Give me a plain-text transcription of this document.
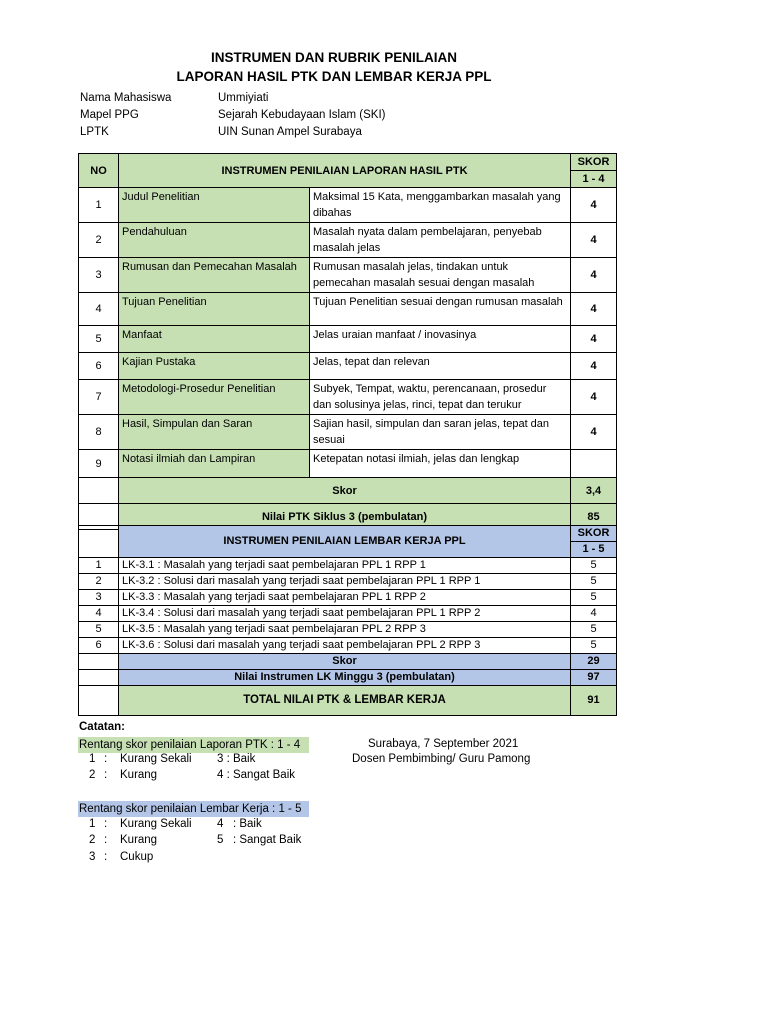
INSTRUMEN DAN RUBRIK PENILAIAN
LAPORAN HASIL PTK DAN LEMBAR KERJA PPL
Nama Mahasiswa	Ummiyiati
Mapel PPG	Sejarah Kebudayaan Islam (SKI)
LPTK	UIN Sunan Ampel Surabaya
NO	INSTRUMEN PENILAIAN LAPORAN HASIL PTK		SKOR
			1 - 4
1	Judul Penelitian	Maksimal 15 Kata, menggambarkan masalah yang dibahas	4
2	Pendahuluan	Masalah nyata dalam pembelajaran, penyebab masalah jelas	4
3	Rumusan dan Pemecahan Masalah	Rumusan masalah jelas, tindakan untuk pemecahan masalah sesuai dengan masalah	4
4	Tujuan Penelitian	Tujuan Penelitian sesuai dengan rumusan masalah	4
5	Manfaat	Jelas uraian manfaat / inovasinya	4
6	Kajian Pustaka	Jelas, tepat dan relevan	4
7	Metodologi-Prosedur Penelitian	Subyek, Tempat, waktu, perencanaan, prosedur dan solusinya jelas, rinci, tepat dan terukur	4
8	Hasil, Simpulan dan Saran	Sajian hasil, simpulan dan saran jelas, tepat dan sesuai	4
9	Notasi ilmiah dan Lampiran	Ketepatan notasi ilmiah, jelas dan lengkap	
	Skor		3,4
	Nilai PTK Siklus 3 (pembulatan)		85
	INSTRUMEN PENILAIAN LEMBAR KERJA PPL	SKOR
		1 - 5
1	LK-3.1 : Masalah yang terjadi saat pembelajaran PPL 1 RPP 1	5
2	LK-3.2 : Solusi dari masalah yang terjadi saat pembelajaran PPL 1 RPP 1	5
3	LK-3.3 : Masalah yang terjadi saat pembelajaran PPL 1 RPP 2	5
4	LK-3.4 : Solusi dari masalah yang terjadi saat pembelajaran PPL 1 RPP 2	4
5	LK-3.5 : Masalah yang terjadi saat pembelajaran PPL 2 RPP 3	5
6	LK-3.6 : Solusi dari masalah yang terjadi saat pembelajaran PPL 2 RPP 3	5
	Skor	29
	Nilai Instrumen LK Minggu 3 (pembulatan)	97
	TOTAL NILAI PTK & LEMBAR KERJA	91
Catatan:
Rentang skor penilaian Laporan PTK : 1 - 4
1 : Kurang Sekali 3 : Baik
2 : Kurang	4 : Sangat Baik
Rentang skor penilaian Lembar Kerja : 1 - 5
1 : Kurang Sekali 4   : Baik
2 : Kurang	5   : Sangat Baik
3 : Cukup
Surabaya, 7 September 2021
Dosen Pembimbing/ Guru Pamong
